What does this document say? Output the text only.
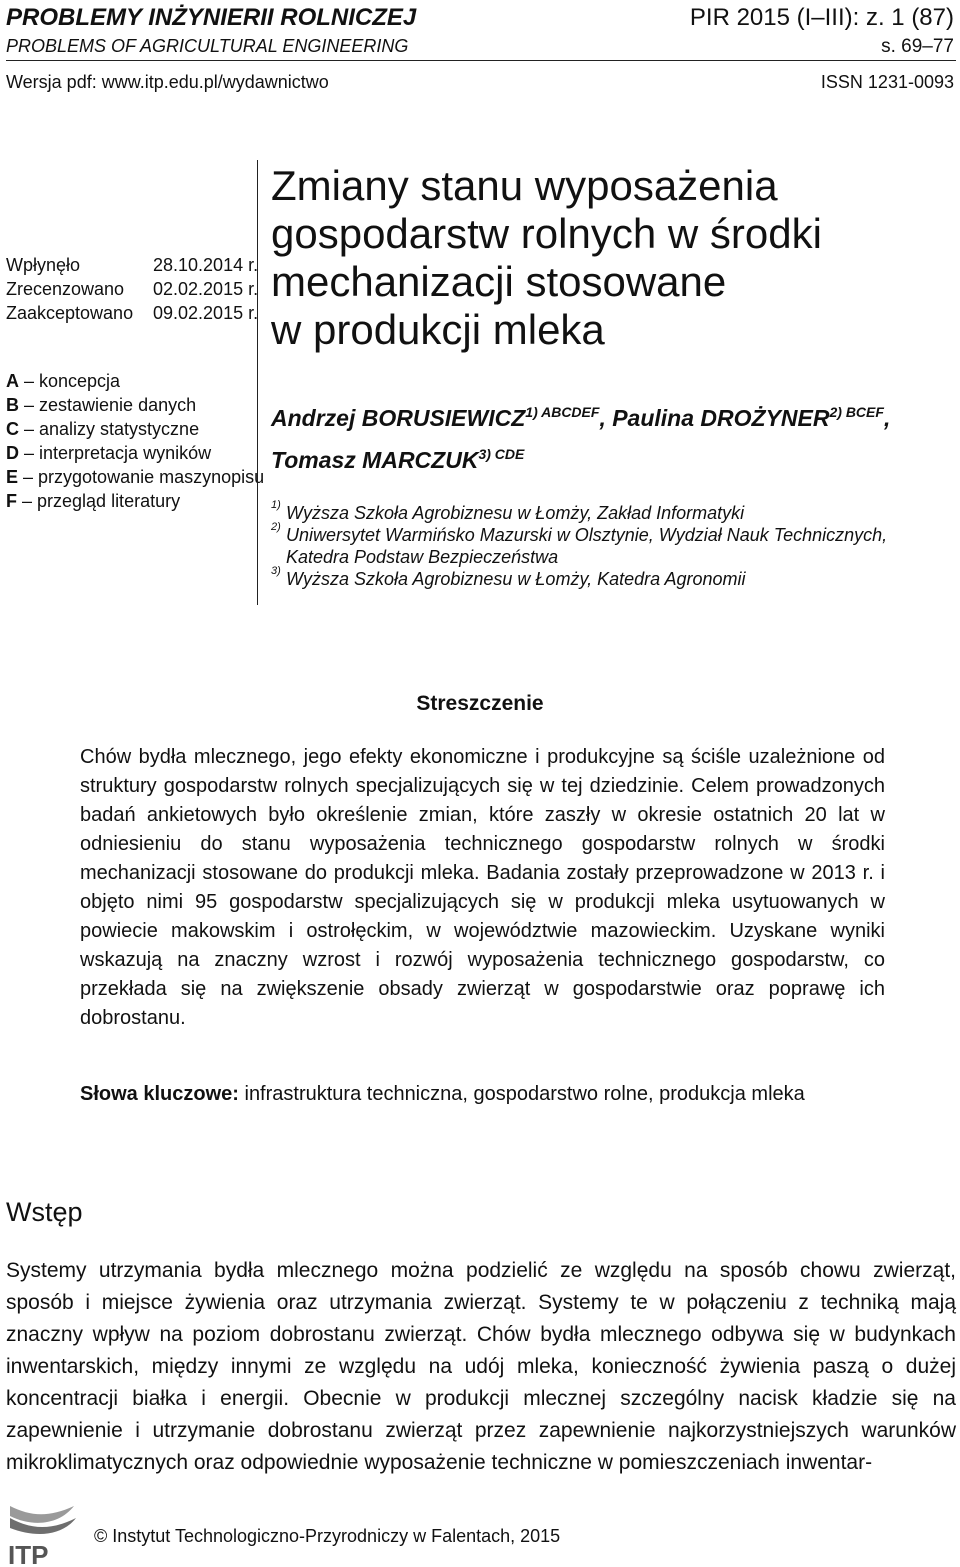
PROBLEMY INŻYNIERII ROLNICZEJ
PROBLEMS OF AGRICULTURAL ENGINEERING
PIR 2015 (I–III): z. 1 (87)
s. 69–77
Wersja pdf: www.itp.edu.pl/wydawnictwo	ISSN 1231-0093
Wpłynęło	28.10.2014 r.
Zrecenzowano	02.02.2015 r.
Zaakceptowano	09.02.2015 r.
A – koncepcja
B – zestawienie danych
C – analizy statystyczne
D – interpretacja wyników
E – przygotowanie maszynopisu
F – przegląd literatury
Zmiany stanu wyposażenia
gospodarstw rolnych w środki
mechanizacji stosowane
w produkcji mleka
Andrzej $BORUSIEWICZ^{1) ABCDEF}$, Paulina $DROŻYNER^{2) BCEF}$,
Tomasz $MARCZUK^{3) CDE}$
1) Wyższa Szkoła Agrobiznesu w Łomży, Zakład Informatyki
2) Uniwersytet Warmińsko Mazurski w Olsztynie, Wydział Nauk Technicznych,
Katedra Podstaw Bezpieczeństwa
3) Wyższa Szkoła Agrobiznesu w Łomży, Katedra Agronomii
Streszczenie
Chów bydła mlecznego, jego efekty ekonomiczne i produkcyjne są ściśle uzależnione od struktury gospodarstw rolnych specjalizujących się w tej dziedzinie. Celem prowadzonych badań ankietowych było określenie zmian, które zaszły w okresie ostatnich 20 lat w odniesieniu do stanu wyposażenia technicznego gospodarstw rolnych w środki mechanizacji stosowane do produkcji mleka. Badania zostały przeprowadzone w 2013 r. i objęto nimi 95 gospodarstw specjalizujących się w produkcji mleka usytuowanych w powiecie makowskim i ostrołęckim, w województwie mazowieckim. Uzyskane wyniki wskazują na znaczny wzrost i rozwój wyposażenia technicznego gospodarstw, co przekłada się na zwiększenie obsady zwierząt w gospodarstwie oraz poprawę ich dobrostanu.
Słowa kluczowe: infrastruktura techniczna, gospodarstwo rolne, produkcja mleka
Wstęp
Systemy utrzymania bydła mlecznego można podzielić ze względu na sposób chowu zwierząt, sposób i miejsce żywienia oraz utrzymania zwierząt. Systemy te w połączeniu z techniką mają znaczny wpływ na poziom dobrostanu zwierząt. Chów bydła mlecznego odbywa się w budynkach inwentarskich, między innymi ze względu na udój mleka, konieczność żywienia paszą o dużej koncentracji białka i energii. Obecnie w produkcji mlecznej szczególny nacisk kładzie się na zapewnienie i utrzymanie dobrostanu zwierząt przez zapewnienie najkorzystniejszych warunków mikroklimatycznych oraz odpowiednie wyposażenie techniczne w pomieszczeniach inwentar-
ITP
© Instytut Technologiczno-Przyrodniczy w Falentach, 2015
